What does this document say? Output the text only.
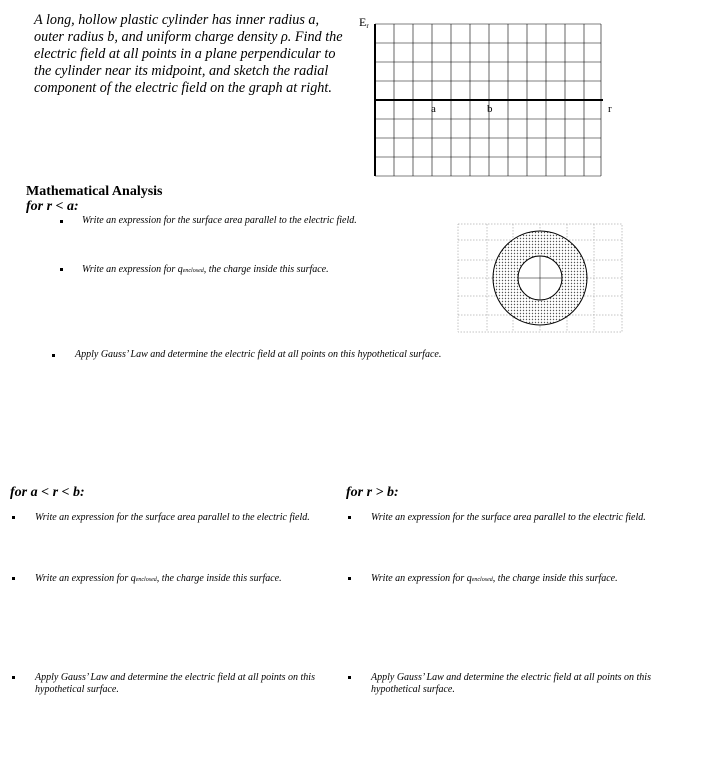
A long, hollow plastic cylinder has inner radius a, outer radius b, and uniform charge density ρ. Find the electric field at all points in a plane perpendicular to the cylinder near its midpoint, and sketch the radial component of the electric field on the graph at right.
Er
r
a	b
Mathematical Analysis
for r < a:
Write an expression for the surface area parallel to the electric field.
Write an expression for qenclosed, the charge inside this surface.
Apply Gauss’ Law and determine the electric field at all points on this hypothetical surface.
for a < r < b:
Write an expression for the surface area parallel to the electric field.
Write an expression for qenclosed, the charge inside this surface.
Apply Gauss’ Law and determine the electric field at all points on this hypothetical surface.
for r > b:
Write an expression for the surface area parallel to the electric field.
Write an expression for qenclosed, the charge inside this surface.
Apply Gauss’ Law and determine the electric field at all points on this hypothetical surface.
